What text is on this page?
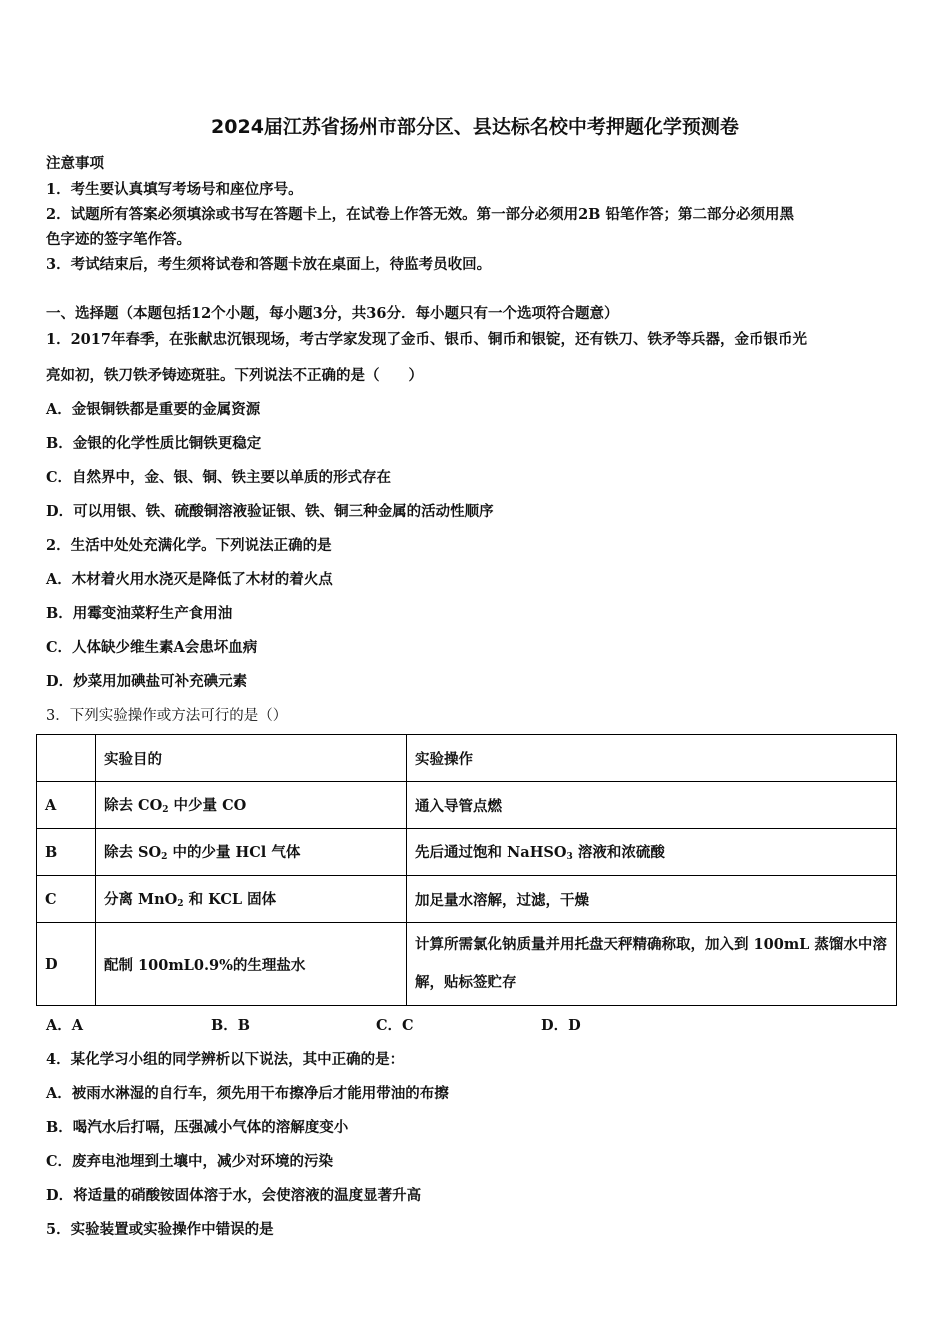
2024届江苏省扬州市部分区、县达标名校中考押题化学预测卷
注意事项
1．考生要认真填写考场号和座位序号。
2．试题所有答案必须填涂或书写在答题卡上，在试卷上作答无效。第一部分必须用2B 铅笔作答；第二部分必须用黑
色字迹的签字笔作答。
3．考试结束后，考生须将试卷和答题卡放在桌面上，待监考员收回。
一、选择题（本题包括12个小题，每小题3分，共36分．每小题只有一个选项符合题意）
1．2017年春季，在张献忠沉银现场，考古学家发现了金币、银币、铜币和银锭，还有铁刀、铁矛等兵器，金币银币光
亮如初，铁刀铁矛铸迹斑驻。下列说法不正确的是（　　）
A．金银铜铁都是重要的金属资源
B．金银的化学性质比铜铁更稳定
C．自然界中，金、银、铜、铁主要以单质的形式存在
D．可以用银、铁、硫酸铜溶液验证银、铁、铜三种金属的活动性顺序
2．生活中处处充满化学。下列说法正确的是
A．木材着火用水浇灭是降低了木材的着火点
B．用霉变油菜籽生产食用油
C．人体缺少维生素A会患坏血病
D．炒菜用加碘盐可补充碘元素
3．下列实验操作或方法可行的是（）
	实验目的	实验操作
A	除去 $CO_2$ 中少量 CO	通入导管点燃
B	除去 $SO_2$ 中的少量 HCl 气体	先后通过饱和 NaHSO$_3$ 溶液和浓硫酸
C	分离 MnO$_2$ 和 KCL 固体	加足量水溶解，过滤，干燥
D	配制 100mL0.9%的生理盐水	计算所需氯化钠质量并用托盘天秤精确称取，加入到 100mL 蒸馏水中溶解，贴标签贮存
A．A	B．B	C．C	D．D
4．某化学习小组的同学辨析以下说法，其中正确的是：
A．被雨水淋湿的自行车，须先用干布擦净后才能用带油的布擦
B．喝汽水后打嗝，压强减小气体的溶解度变小
C．废弃电池埋到土壤中，减少对环境的污染
D．将适量的硝酸铵固体溶于水，会使溶液的温度显著升高
5．实验装置或实验操作中错误的是
